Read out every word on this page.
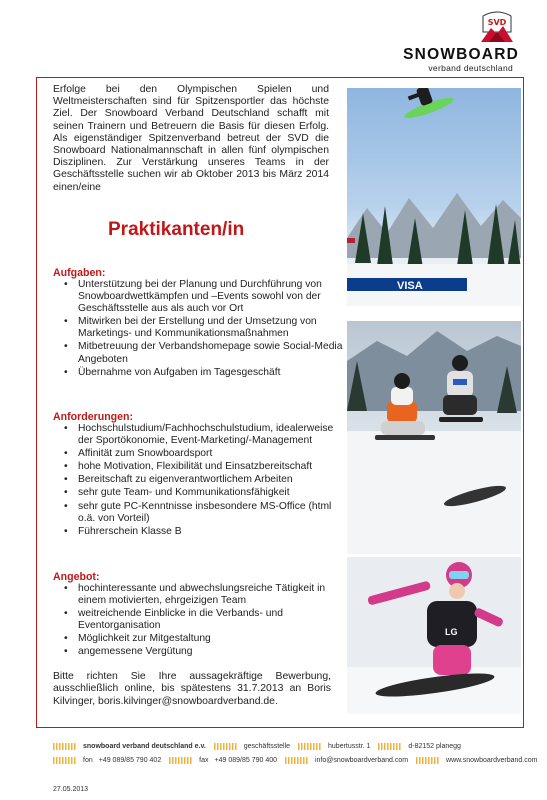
SVD
SNOWBOARD
verband deutschland

Erfolge bei den Olympischen Spielen und Weltmeisterschaften sind für Spitzensportler das höchste Ziel. Der Snowboard Verband Deutschland schafft mit seinen Trainern und Betreuern die Basis für diesen Erfolg. Als eigenständiger Spitzenverband betreut der SVD die Snowboard Nationalmannschaft in allen fünf olympischen Disziplinen. Zur Verstärkung unseres Teams in der Geschäftsstelle suchen wir ab Oktober 2013 bis März 2014 einen/eine

Praktikanten/in
Aufgaben:
• Unterstützung bei der Planung und Durchführung von Snowboardwettkämpfen und –Events sowohl von der Geschäftsstelle aus als auch vor Ort
• Mitwirken bei der Erstellung und der Umsetzung von Marketings- und Kommunikationsmaßnahmen
• Mitbetreuung der Verbandshomepage sowie Social-Media Angeboten
• Übernahme von Aufgaben im Tagesgeschäft
Anforderungen:
• Hochschulstudium/Fachhochschulstudium, idealerweise der Sportökonomie, Event-Marketing/-Management
• Affinität zum Snowboardsport
• hohe Motivation, Flexibilität und Einsatzbereitschaft
• Bereitschaft zu eigenverantwortlichem Arbeiten
• sehr gute Team- und Kommunikationsfähigkeit
• sehr gute PC-Kenntnisse insbesondere MS-Office (html o.ä. von Vorteil)
• Führerschein Klasse B
Angebot:
• hochinteressante und abwechslungsreiche Tätigkeit in einem motivierten, ehrgeizigen Team
• weitreichende Einblicke in die Verbands- und Eventorganisation
• Möglichkeit zur Mitgestaltung
• angemessene Vergütung

Bitte richten Sie Ihre aussagekräftige Bewerbung, ausschließlich online, bis spätestens 31.7.2013 an Boris Kilvinger, boris.kilvinger@snowboardverband.de.

VISA
LG
snowboard verband deutschland e.v.	geschäftsstelle	hubertusstr. 1	d-82152 planegg
fon +49 089/85 790 402	fax +49 089/85 790 400	info@snowboardverband.com	www.snowboardverband.com
27.05.2013
